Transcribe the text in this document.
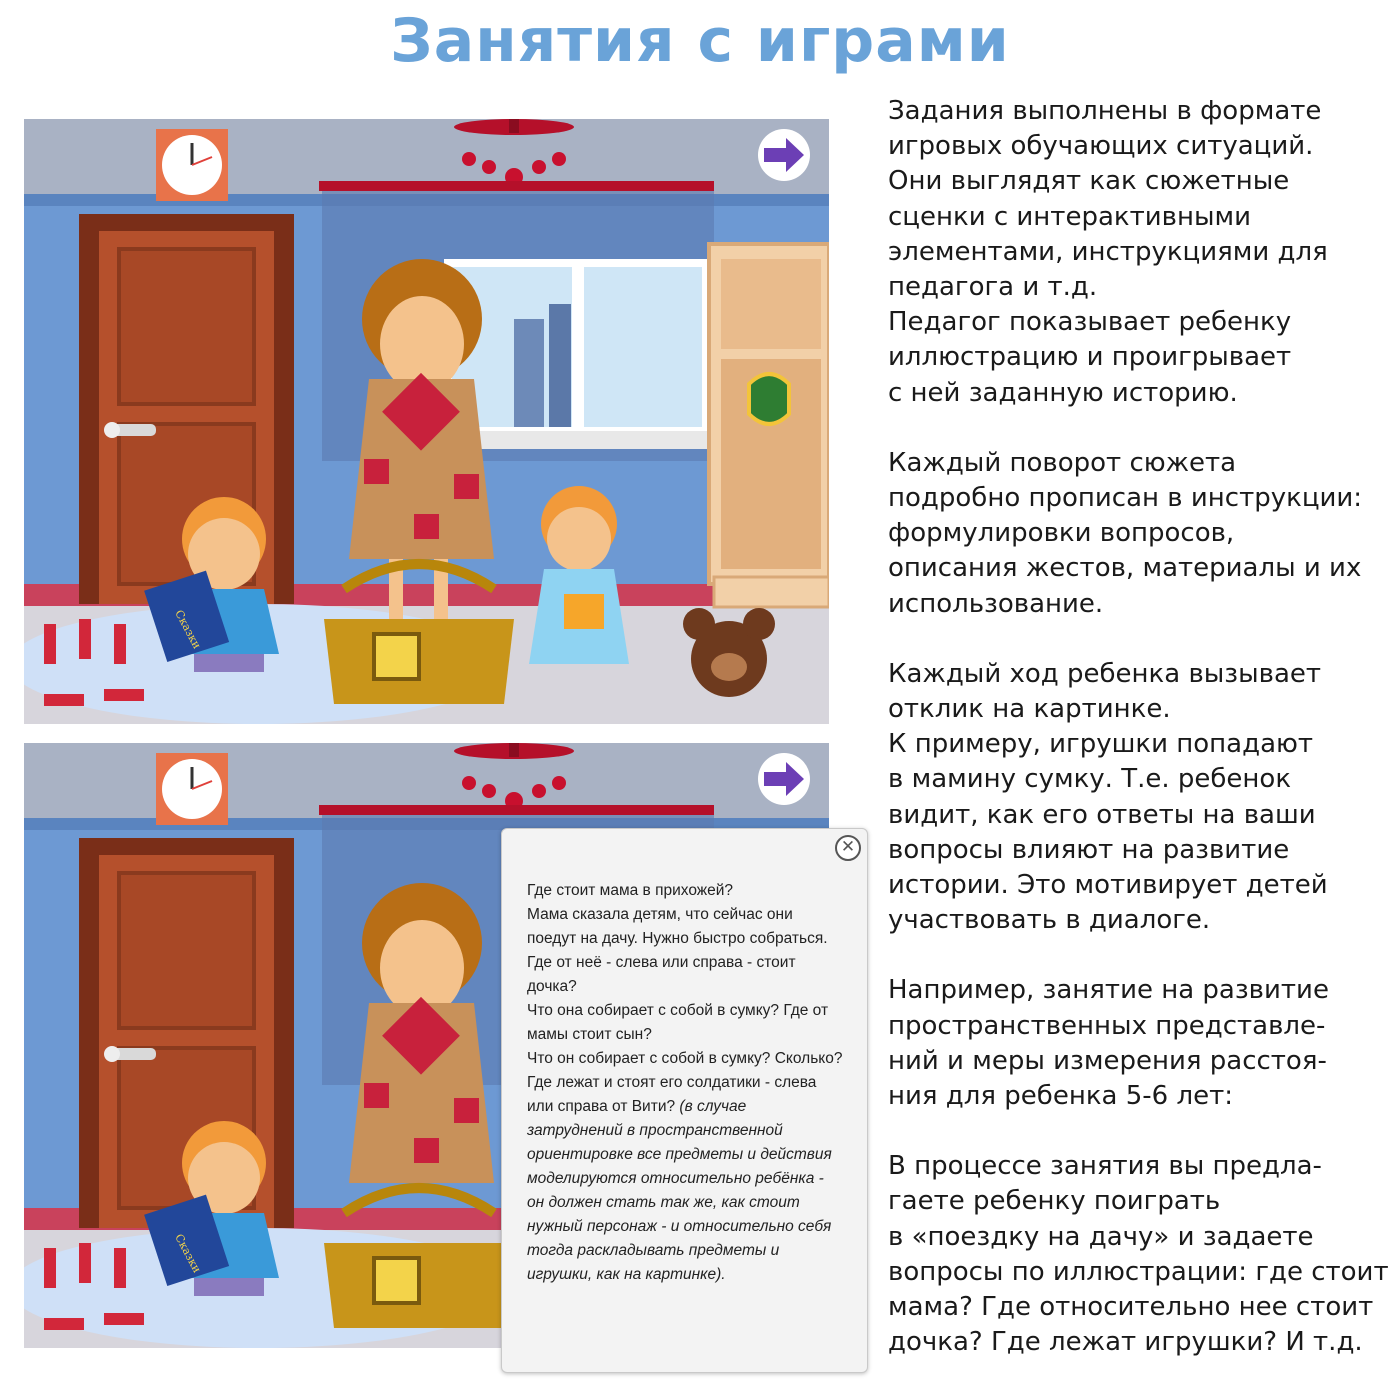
Занятия с играми
Сказки
Сказки
✕
Где стоит мама в прихожей?
Мама сказала детям, что сейчас они поедут на дачу. Нужно быстро собраться.
Где от неё - слева или справа - стоит дочка?
Что она собирает с собой в сумку? Где от мамы стоит сын?
Что он собирает с собой в сумку? Сколько?
Где лежат и стоят его солдатики - слева или справа от Вити? (в случае затруднений в пространственной ориентировке все предметы и действия моделируются относительно ребёнка - он должен стать так же, как стоит нужный персонаж - и относительно себя тогда раскладывать предметы и игрушки, как на картинке).

Задания выполнены в формате
игровых обучающих ситуаций.
Они выглядят как сюжетные
сценки с интерактивными
элементами, инструкциями для
педагога и т.д.
Педагог показывает ребенку
иллюстрацию и проигрывает
с ней заданную историю.

Каждый поворот сюжета
подробно прописан в инструкции:
формулировки вопросов,
описания жестов, материалы и их
использование.

Каждый ход ребенка вызывает
отклик на картинке.
К примеру, игрушки попадают
в мамину сумку. Т.е. ребенок
видит, как его ответы на ваши
вопросы влияют на развитие
истории. Это мотивирует детей
участвовать в диалоге.

Например, занятие на развитие
пространственных представле-
ний и меры измерения расстоя-
ния для ребенка 5-6 лет:

В процессе занятия вы предла-
гаете ребенку поиграть
в «поездку на дачу» и задаете
вопросы по иллюстрации: где стоит
мама? Где относительно нее стоит
дочка? Где лежат игрушки? И т.д.
